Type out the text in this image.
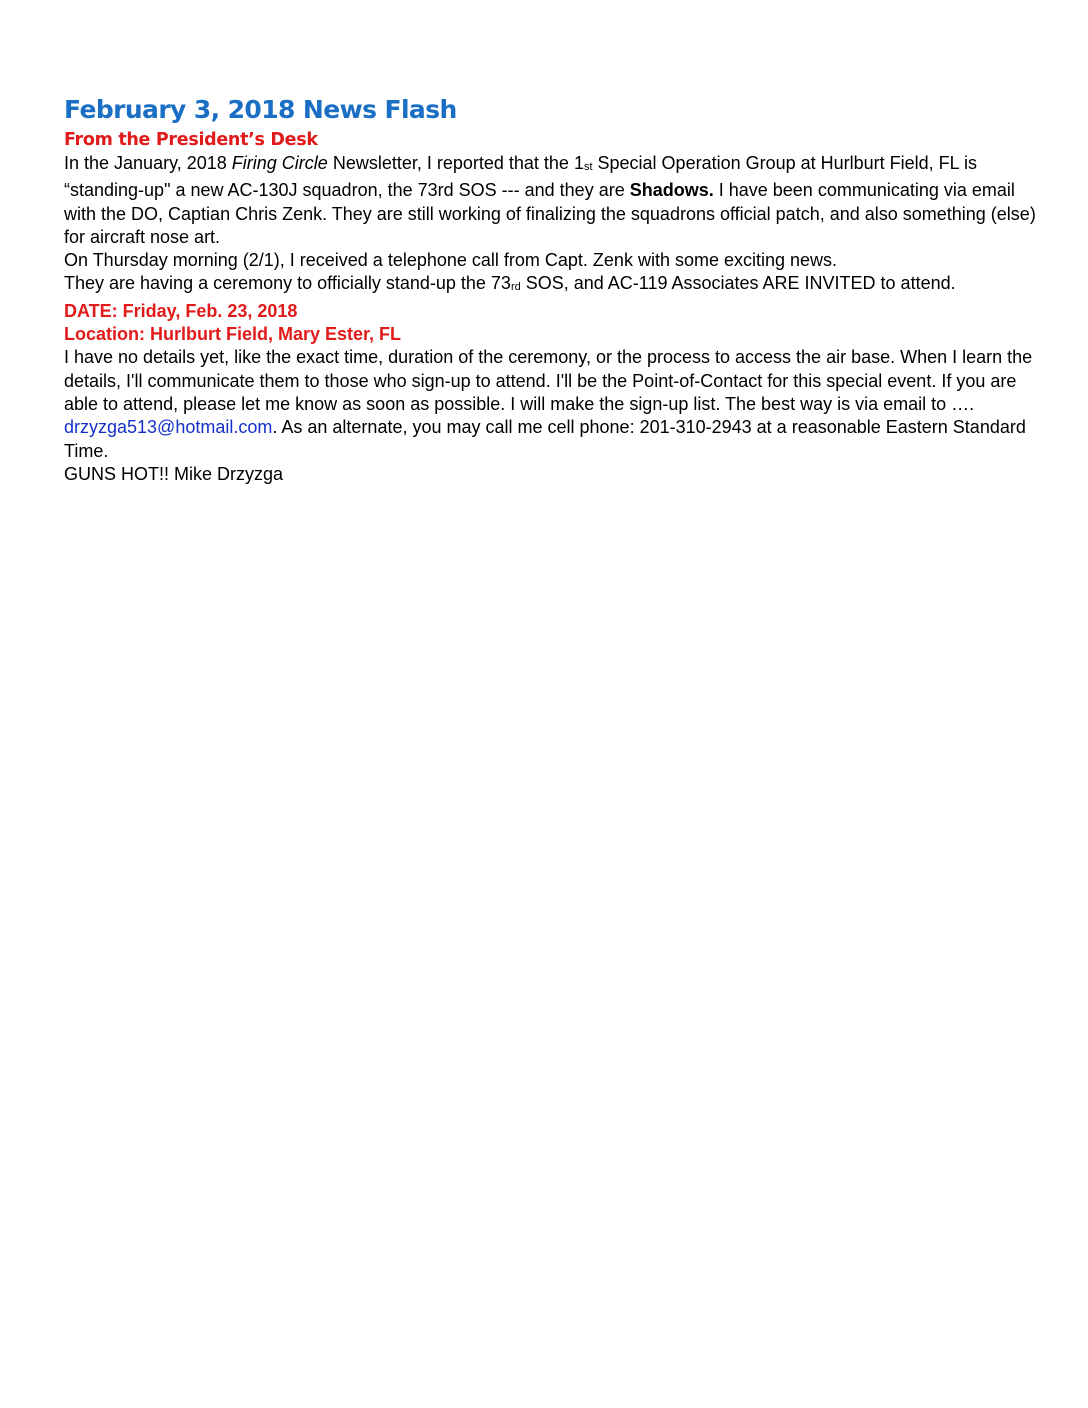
February 3, 2018 News Flash
From the President’s Desk

In the January, 2018 Firing Circle Newsletter, I reported that the 1st Special Operation Group at Hurlburt Field, FL is “standing-up" a new AC-130J squadron, the 73rd SOS --- and they are Shadows. I have been communicating via email with the DO, Captian Chris Zenk. They are still working of finalizing the squadrons official patch, and also something (else) for aircraft nose art.

On Thursday morning (2/1), I received a telephone call from Capt. Zenk with some exciting news.

They are having a ceremony to officially stand-up the 73rd SOS, and AC-119 Associates ARE INVITED to attend.

DATE: Friday, Feb. 23, 2018

Location: Hurlburt Field, Mary Ester, FL

I have no details yet, like the exact time, duration of the ceremony, or the process to access the air base. When I learn the details, I'll communicate them to those who sign-up to attend. I'll be the Point-of-Contact for this special event. If you are able to attend, please let me know as soon as possible. I will make the sign-up list. The best way is via email to …. drzyzga513@hotmail.com. As an alternate, you may call me cell phone: 201-310-2943 at a reasonable Eastern Standard Time.

GUNS HOT!! Mike Drzyzga
